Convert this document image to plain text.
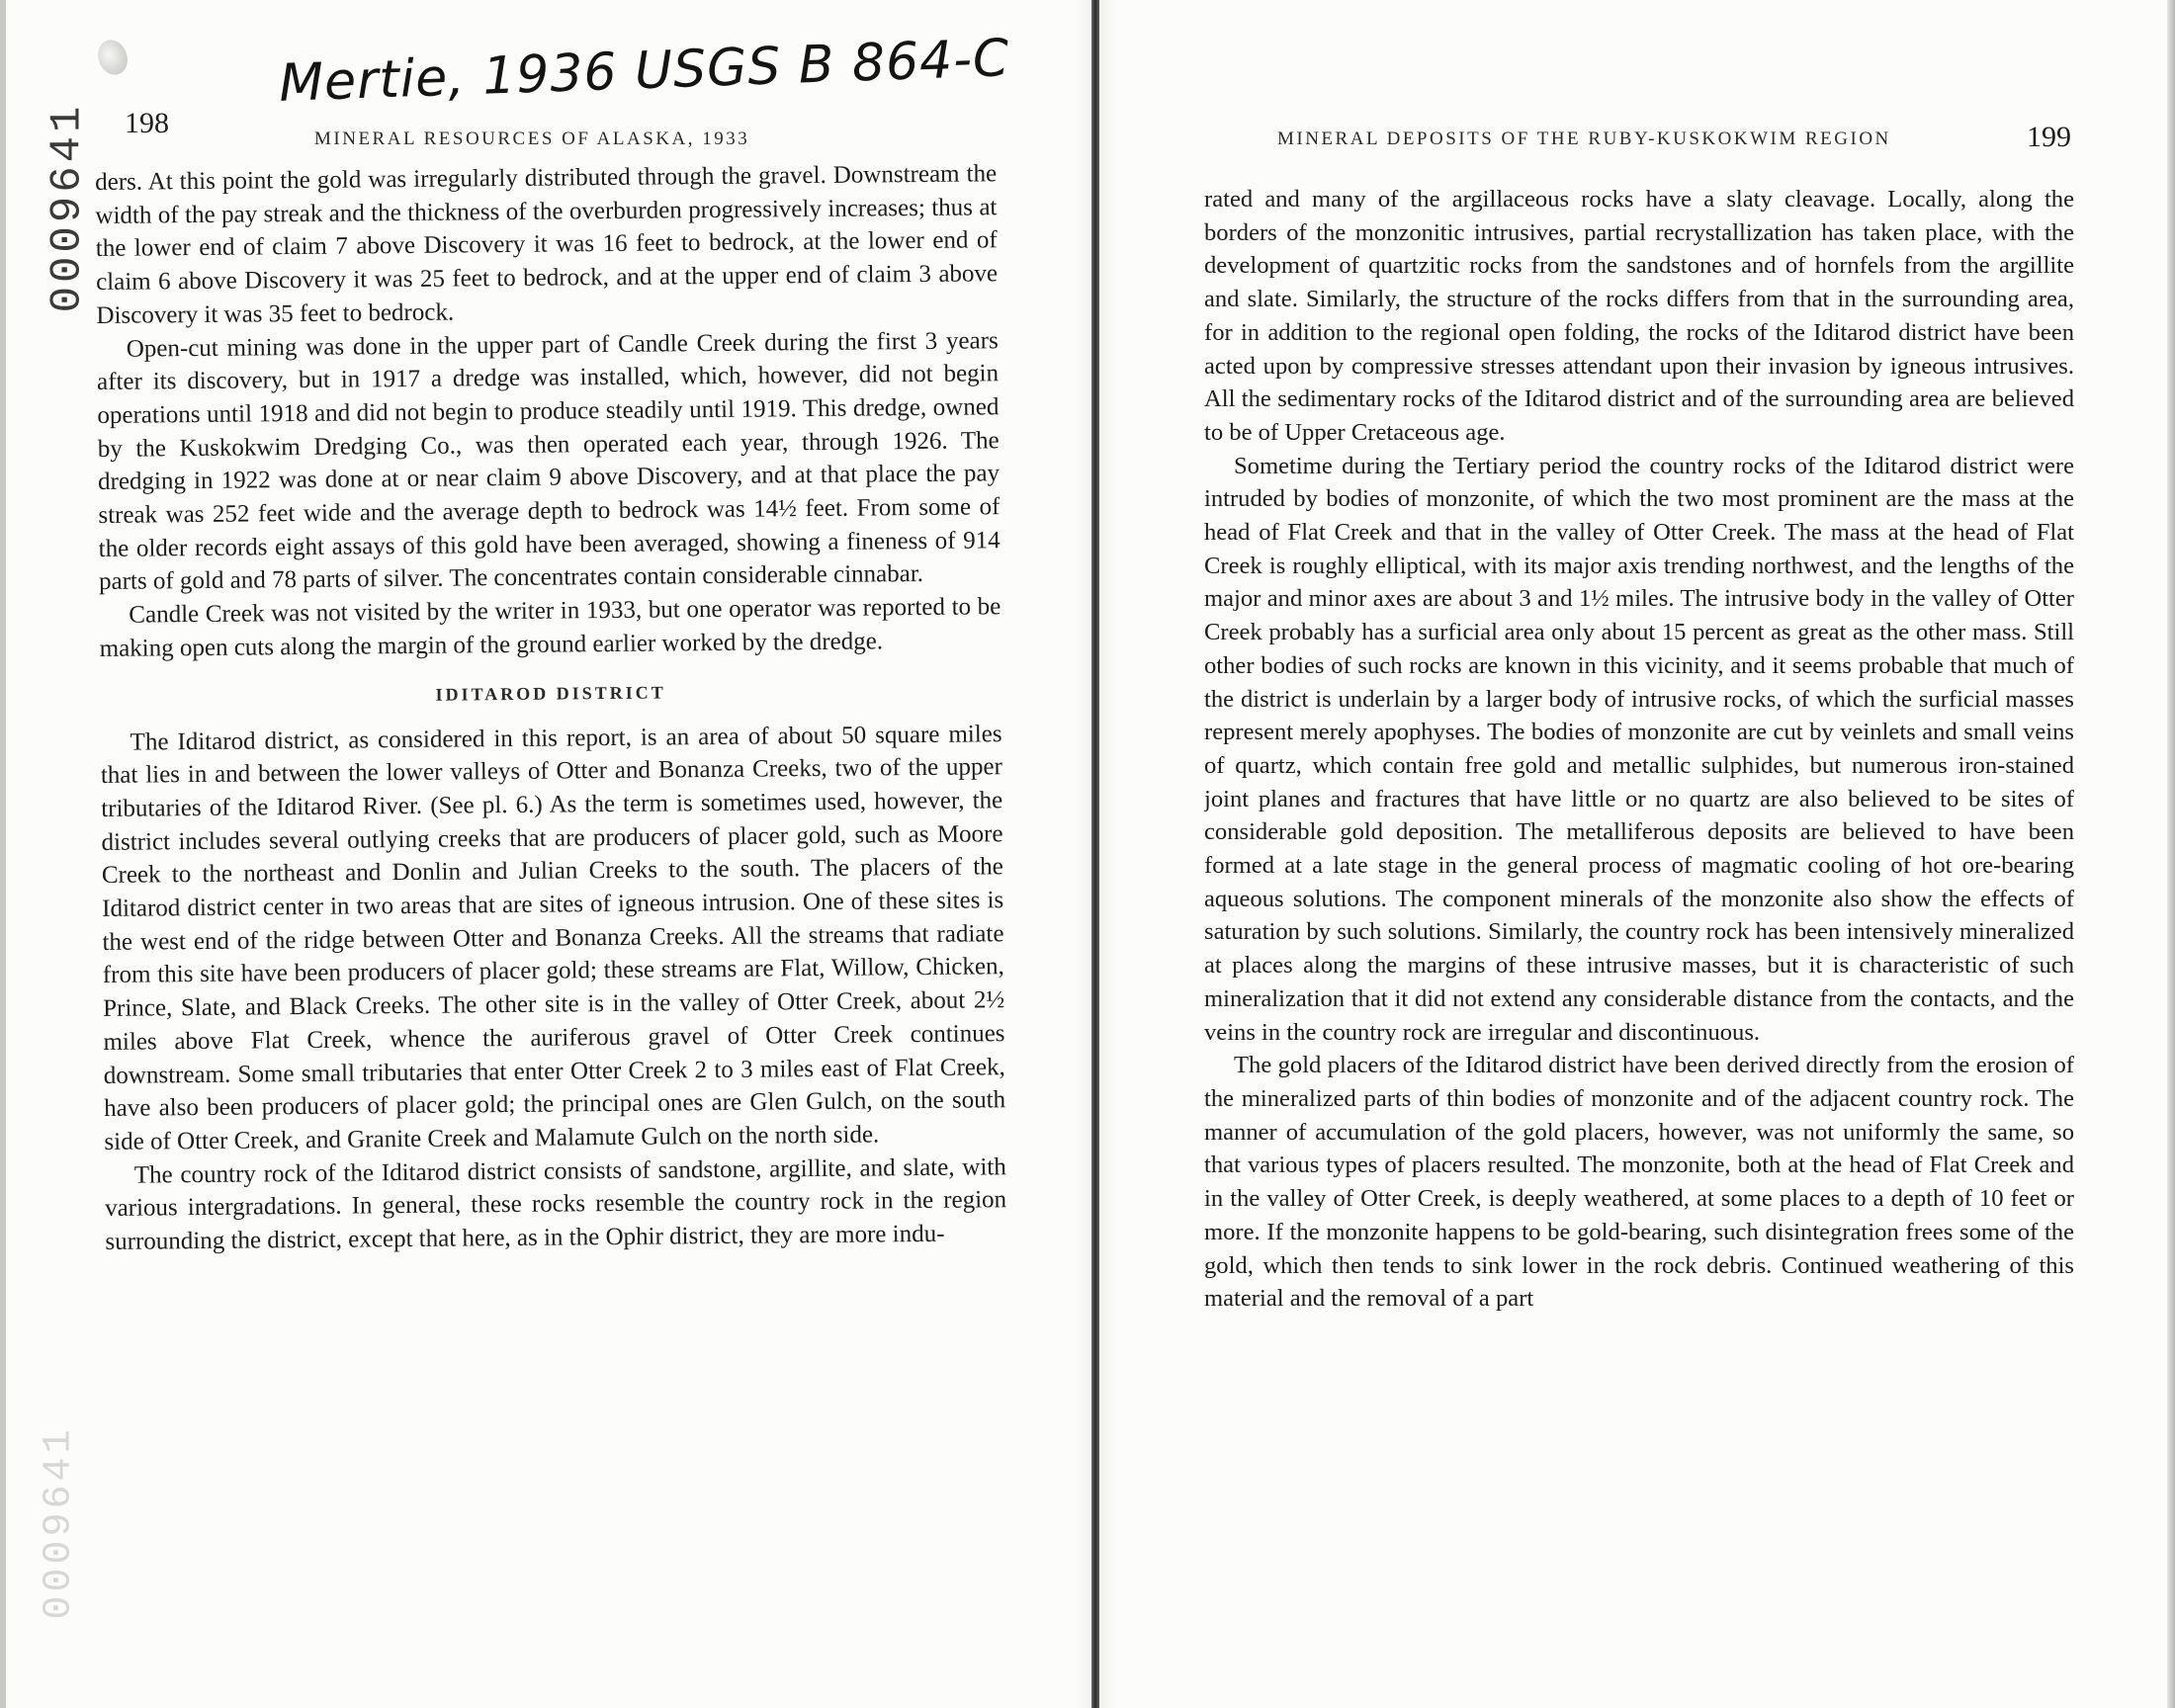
0009641
0009641
Mertie, 1936 USGS B 864-C
198	MINERAL RESOURCES OF ALASKA, 1933

ders. At this point the gold was irregularly distributed through the gravel. Downstream the width of the pay streak and the thickness of the overburden progressively increases; thus at the lower end of claim 7 above Discovery it was 16 feet to bedrock, at the lower end of claim 6 above Discovery it was 25 feet to bedrock, and at the upper end of claim 3 above Discovery it was 35 feet to bedrock.

Open-cut mining was done in the upper part of Candle Creek during the first 3 years after its discovery, but in 1917 a dredge was installed, which, however, did not begin operations until 1918 and did not begin to produce steadily until 1919. This dredge, owned by the Kuskokwim Dredging Co., was then operated each year, through 1926. The dredging in 1922 was done at or near claim 9 above Discovery, and at that place the pay streak was 252 feet wide and the average depth to bedrock was 14½ feet. From some of the older records eight assays of this gold have been averaged, showing a fineness of 914 parts of gold and 78 parts of silver. The concentrates contain considerable cinnabar.

Candle Creek was not visited by the writer in 1933, but one operator was reported to be making open cuts along the margin of the ground earlier worked by the dredge.

IDITAROD DISTRICT

The Iditarod district, as considered in this report, is an area of about 50 square miles that lies in and between the lower valleys of Otter and Bonanza Creeks, two of the upper tributaries of the Iditarod River. (See pl. 6.) As the term is sometimes used, however, the district includes several outlying creeks that are producers of placer gold, such as Moore Creek to the northeast and Donlin and Julian Creeks to the south. The placers of the Iditarod district center in two areas that are sites of igneous intrusion. One of these sites is the west end of the ridge between Otter and Bonanza Creeks. All the streams that radiate from this site have been producers of placer gold; these streams are Flat, Willow, Chicken, Prince, Slate, and Black Creeks. The other site is in the valley of Otter Creek, about 2½ miles above Flat Creek, whence the auriferous gravel of Otter Creek continues downstream. Some small tributaries that enter Otter Creek 2 to 3 miles east of Flat Creek, have also been producers of placer gold; the principal ones are Glen Gulch, on the south side of Otter Creek, and Granite Creek and Malamute Gulch on the north side.

The country rock of the Iditarod district consists of sandstone, argillite, and slate, with various intergradations. In general, these rocks resemble the country rock in the region surrounding the district, except that here, as in the Ophir district, they are more indu-

MINERAL DEPOSITS OF THE RUBY-KUSKOKWIM REGION	199

rated and many of the argillaceous rocks have a slaty cleavage. Locally, along the borders of the monzonitic intrusives, partial recrystallization has taken place, with the development of quartzitic rocks from the sandstones and of hornfels from the argillite and slate. Similarly, the structure of the rocks differs from that in the surrounding area, for in addition to the regional open folding, the rocks of the Iditarod district have been acted upon by compressive stresses attendant upon their invasion by igneous intrusives. All the sedimentary rocks of the Iditarod district and of the surrounding area are believed to be of Upper Cretaceous age.

Sometime during the Tertiary period the country rocks of the Iditarod district were intruded by bodies of monzonite, of which the two most prominent are the mass at the head of Flat Creek and that in the valley of Otter Creek. The mass at the head of Flat Creek is roughly elliptical, with its major axis trending northwest, and the lengths of the major and minor axes are about 3 and 1½ miles. The intrusive body in the valley of Otter Creek probably has a surficial area only about 15 percent as great as the other mass. Still other bodies of such rocks are known in this vicinity, and it seems probable that much of the district is underlain by a larger body of intrusive rocks, of which the surficial masses represent merely apophyses. The bodies of monzonite are cut by veinlets and small veins of quartz, which contain free gold and metallic sulphides, but numerous iron-stained joint planes and fractures that have little or no quartz are also believed to be sites of considerable gold deposition. The metalliferous deposits are believed to have been formed at a late stage in the general process of magmatic cooling of hot ore-bearing aqueous solutions. The component minerals of the monzonite also show the effects of saturation by such solutions. Similarly, the country rock has been intensively mineralized at places along the margins of these intrusive masses, but it is characteristic of such mineralization that it did not extend any considerable distance from the contacts, and the veins in the country rock are irregular and discontinuous.

The gold placers of the Iditarod district have been derived directly from the erosion of the mineralized parts of thin bodies of monzonite and of the adjacent country rock. The manner of accumulation of the gold placers, however, was not uniformly the same, so that various types of placers resulted. The monzonite, both at the head of Flat Creek and in the valley of Otter Creek, is deeply weathered, at some places to a depth of 10 feet or more. If the monzonite happens to be gold-bearing, such disintegration frees some of the gold, which then tends to sink lower in the rock debris. Continued weathering of this material and the removal of a part
